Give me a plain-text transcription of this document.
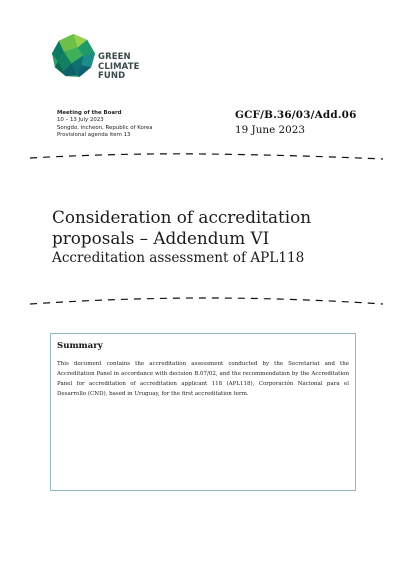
GREEN
CLIMATE
FUND
Meeting of the Board
10 – 13 July 2023
Songdo, Incheon, Republic of Korea
Provisional agenda item 13
GCF/B.36/03/Add.06
19 June 2023
Consideration of accreditation proposals – Addendum VI
Accreditation assessment of APL118
Summary
This document contains the accreditation assessment conducted by the Secretariat and the Accreditation Panel in accordance with decision B.07/02, and the recommendation by the Accreditation Panel for accreditation of accreditation applicant 118 (APL118), Corporación Nacional para el Desarrollo (CND), based in Uruguay, for the first accreditation term.
